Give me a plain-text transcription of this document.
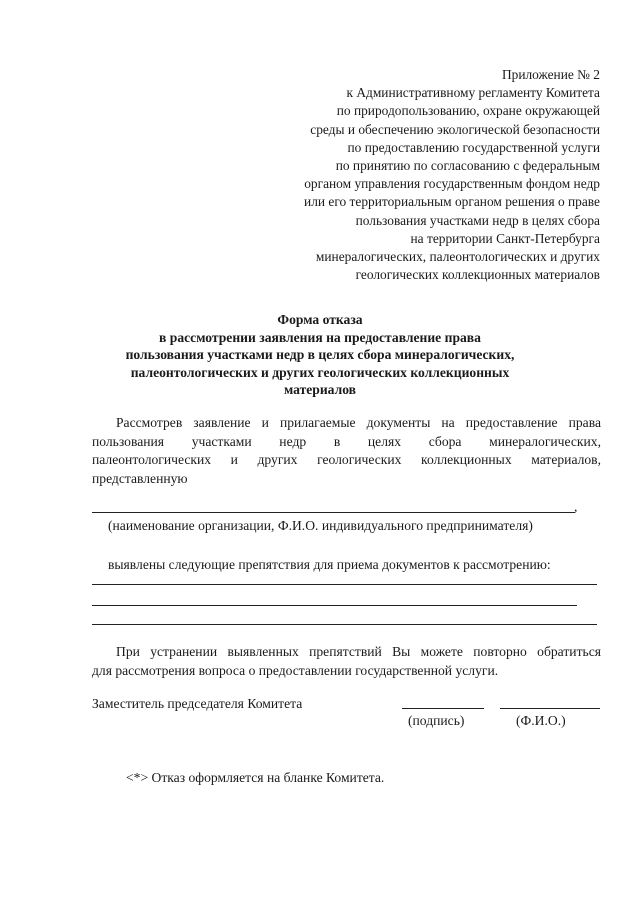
Приложение № 2
к Административному регламенту Комитета
по природопользованию, охране окружающей
среды и обеспечению экологической безопасности
по предоставлению государственной услуги
по принятию по согласованию с федеральным
органом управления государственным фондом недр
или его территориальным органом решения о праве
пользования участками недр в целях сбора
на территории Санкт-Петербурга
минералогических, палеонтологических и других
геологических коллекционных материалов
Форма отказа
в рассмотрении заявления на предоставление права
пользования участками недр в целях сбора минералогических,
палеонтологических и других геологических коллекционных
материалов
Рассмотрев заявление и прилагаемые документы на предоставление права
пользования участками недр в целях сбора минералогических,
палеонтологических и других геологических коллекционных материалов,
представленную
,
(наименование организации, Ф.И.О. индивидуального предпринимателя)
выявлены следующие препятствия для приема документов к рассмотрению:
При устранении выявленных препятствий Вы можете повторно обратиться
для рассмотрения вопроса о предоставлении государственной услуги.
Заместитель председателя Комитета
(подпись)	(Ф.И.О.)
<*> Отказ оформляется на бланке Комитета.
